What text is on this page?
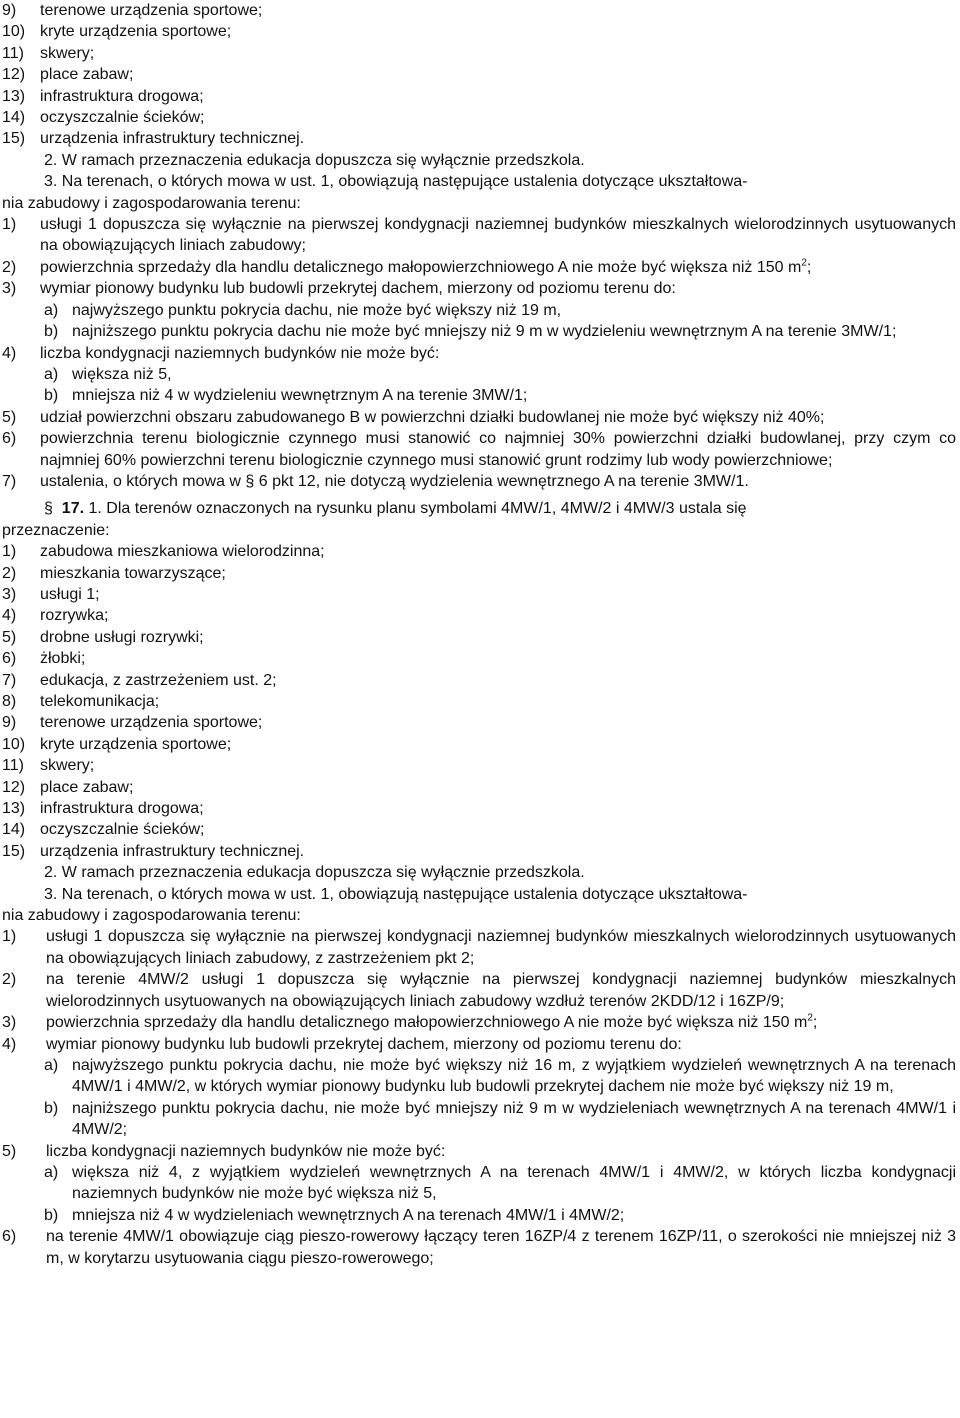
9)	terenowe urządzenia sportowe;
10) kryte urządzenia sportowe;
11)	skwery;
12) place zabaw;
13) infrastruktura drogowa;
14) oczyszczalnie ścieków;
15) urządzenia infrastruktury technicznej.

2. W ramach przeznaczenia edukacja dopuszcza się wyłącznie przedszkola.

3. Na terenach, o których mowa w ust. 1, obowiązują następujące ustalenia dotyczące ukształtowa-

nia zabudowy i zagospodarowania terenu:

1)	usługi 1 dopuszcza się wyłącznie na pierwszej kondygnacji naziemnej budynków mieszkalnych wielorodzinnych usytuowanych na obowiązujących liniach zabudowy;
2)	powierzchnia sprzedaży dla handlu detalicznego małopowierzchniowego A nie może być większa niż 150 $m^2$;
3)	wymiar pionowy budynku lub budowli przekrytej dachem, mierzony od poziomu terenu do:
a) najwyższego punktu pokrycia dachu, nie może być większy niż 19 m,
b) najniższego punktu pokrycia dachu nie może być mniejszy niż 9 m w wydzieleniu wewnętrznym A na terenie 3MW/1;
4)	liczba kondygnacji naziemnych budynków nie może być:
a) większa niż 5,
b) mniejsza niż 4 w wydzieleniu wewnętrznym A na terenie 3MW/1;
5)	udział powierzchni obszaru zabudowanego B w powierzchni działki budowlanej nie może być większy niż 40%;
6)	powierzchnia terenu biologicznie czynnego musi stanowić co najmniej 30% powierzchni działki budowlanej, przy czym co najmniej 60% powierzchni terenu biologicznie czynnego musi stanowić grunt rodzimy lub wody powierzchniowe;
7)	ustalenia, o których mowa w § 6 pkt 12, nie dotyczą wydzielenia wewnętrznego A na terenie 3MW/1.

§ 17. 1. Dla terenów oznaczonych na rysunku planu symbolami 4MW/1, 4MW/2 i 4MW/3 ustala się

przeznaczenie:

1)	zabudowa mieszkaniowa wielorodzinna;
2)	mieszkania towarzyszące;
3)	usługi 1;
4)	rozrywka;
5)	drobne usługi rozrywki;
6)	żłobki;
7)	edukacja, z zastrzeżeniem ust. 2;
8)	telekomunikacja;
9)	terenowe urządzenia sportowe;
10) kryte urządzenia sportowe;
11)	skwery;
12) place zabaw;
13) infrastruktura drogowa;
14) oczyszczalnie ścieków;
15) urządzenia infrastruktury technicznej.

2. W ramach przeznaczenia edukacja dopuszcza się wyłącznie przedszkola.

3. Na terenach, o których mowa w ust. 1, obowiązują następujące ustalenia dotyczące ukształtowa-

nia zabudowy i zagospodarowania terenu:

1)	usługi 1 dopuszcza się wyłącznie na pierwszej kondygnacji naziemnej budynków mieszkalnych wielorodzinnych usytuowanych na obowiązujących liniach zabudowy, z zastrzeżeniem pkt 2;
2)	na terenie 4MW/2 usługi 1 dopuszcza się wyłącznie na pierwszej kondygnacji naziemnej budynków mieszkalnych wielorodzinnych usytuowanych na obowiązujących liniach zabudowy wzdłuż terenów 2KDD/12 i 16ZP/9;
3)	powierzchnia sprzedaży dla handlu detalicznego małopowierzchniowego A nie może być większa niż 150 $m^2$;
4)	wymiar pionowy budynku lub budowli przekrytej dachem, mierzony od poziomu terenu do:
a) najwyższego punktu pokrycia dachu, nie może być większy niż 16 m, z wyjątkiem wydzieleń wewnętrznych A na terenach 4MW/1 i 4MW/2, w których wymiar pionowy budynku lub budowli przekrytej dachem nie może być większy niż 19 m,
b) najniższego punktu pokrycia dachu, nie może być mniejszy niż 9 m w wydzieleniach wewnętrznych A na terenach 4MW/1 i 4MW/2;
5)	liczba kondygnacji naziemnych budynków nie może być:
a) większa niż 4, z wyjątkiem wydzieleń wewnętrznych A na terenach 4MW/1 i 4MW/2, w których liczba kondygnacji naziemnych budynków nie może być większa niż 5,
b) mniejsza niż 4 w wydzieleniach wewnętrznych A na terenach 4MW/1 i 4MW/2;
6)	na terenie 4MW/1 obowiązuje ciąg pieszo-rowerowy łączący teren 16ZP/4 z terenem 16ZP/11, o szerokości nie mniejszej niż 3 m, w korytarzu usytuowania ciągu pieszo-rowerowego;
